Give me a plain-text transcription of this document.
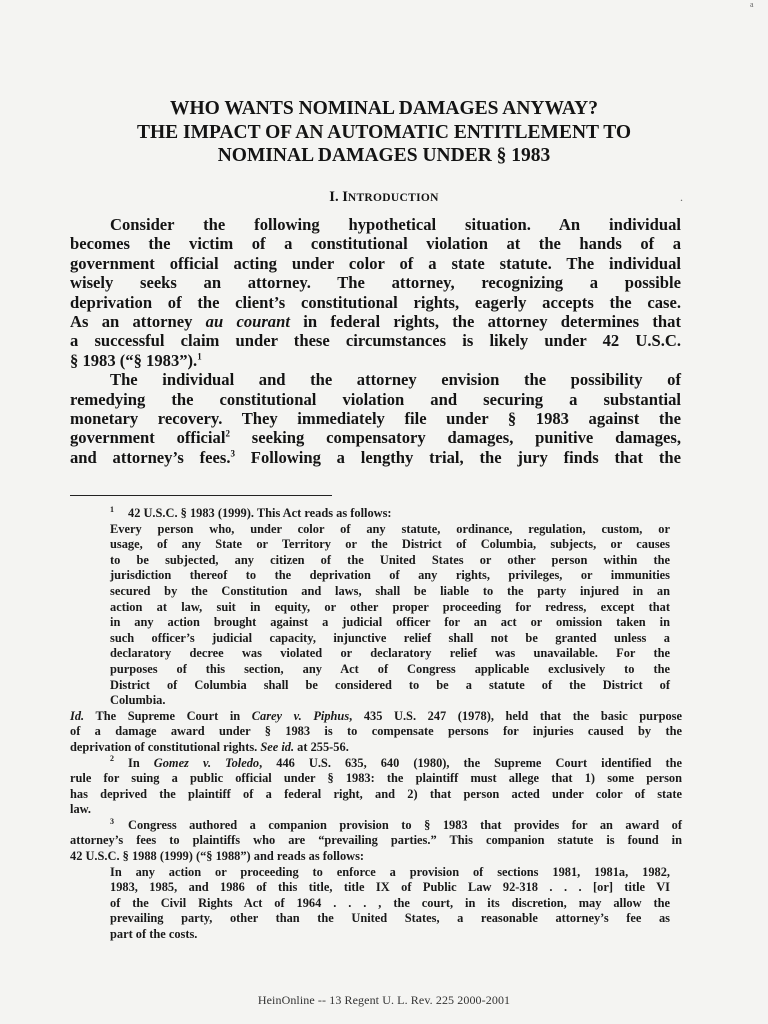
a
WHO WANTS NOMINAL DAMAGES ANYWAY?
THE IMPACT OF AN AUTOMATIC ENTITLEMENT TO
NOMINAL DAMAGES UNDER § 1983
I. INTRODUCTION	.
Consider the following hypothetical situation. An individual
becomes the victim of a constitutional violation at the hands of a
government official acting under color of a state statute. The individual
wisely seeks an attorney. The attorney, recognizing a possible
deprivation of the client’s constitutional rights, eagerly accepts the case.
As an attorney au courant in federal rights, the attorney determines that
a successful claim under these circumstances is likely under 42 U.S.C.
§ 1983 (“§ 1983”).$^1$
The individual and the attorney envision the possibility of
remedying the constitutional violation and securing a substantial
monetary recovery. They immediately file under § 1983 against the
government official$^2$ seeking compensatory damages, punitive damages,
and attorney’s fees.$^3$ Following a lengthy trial, the jury finds that the
$^1$ 42 U.S.C. § 1983 (1999). This Act reads as follows:
Every person who, under color of any statute, ordinance, regulation, custom, or
usage, of any State or Territory or the District of Columbia, subjects, or causes
to be subjected, any citizen of the United States or other person within the
jurisdiction thereof to the deprivation of any rights, privileges, or immunities
secured by the Constitution and laws, shall be liable to the party injured in an
action at law, suit in equity, or other proper proceeding for redress, except that
in any action brought against a judicial officer for an act or omission taken in
such officer’s judicial capacity, injunctive relief shall not be granted unless a
declaratory decree was violated or declaratory relief was unavailable. For the
purposes of this section, any Act of Congress applicable exclusively to the
District of Columbia shall be considered to be a statute of the District of
Columbia.
Id. The Supreme Court in Carey v. Piphus, 435 U.S. 247 (1978), held that the basic purpose
of a damage award under § 1983 is to compensate persons for injuries caused by the
deprivation of constitutional rights. See id. at 255-56.
$^2$ In Gomez v. Toledo, 446 U.S. 635, 640 (1980), the Supreme Court identified the
rule for suing a public official under § 1983: the plaintiff must allege that 1) some person
has deprived the plaintiff of a federal right, and 2) that person acted under color of state
law.
$^3$ Congress authored a companion provision to § 1983 that provides for an award of
attorney’s fees to plaintiffs who are “prevailing parties.” This companion statute is found in
42 U.S.C. § 1988 (1999) (“§ 1988”) and reads as follows:
In any action or proceeding to enforce a provision of sections 1981, 1981a, 1982,
1983, 1985, and 1986 of this title, title IX of Public Law 92-318 . . . [or] title VI
of the Civil Rights Act of 1964 . . . , the court, in its discretion, may allow the
prevailing party, other than the United States, a reasonable attorney’s fee as
part of the costs.
HeinOnline -- 13 Regent U. L. Rev. 225 2000-2001
